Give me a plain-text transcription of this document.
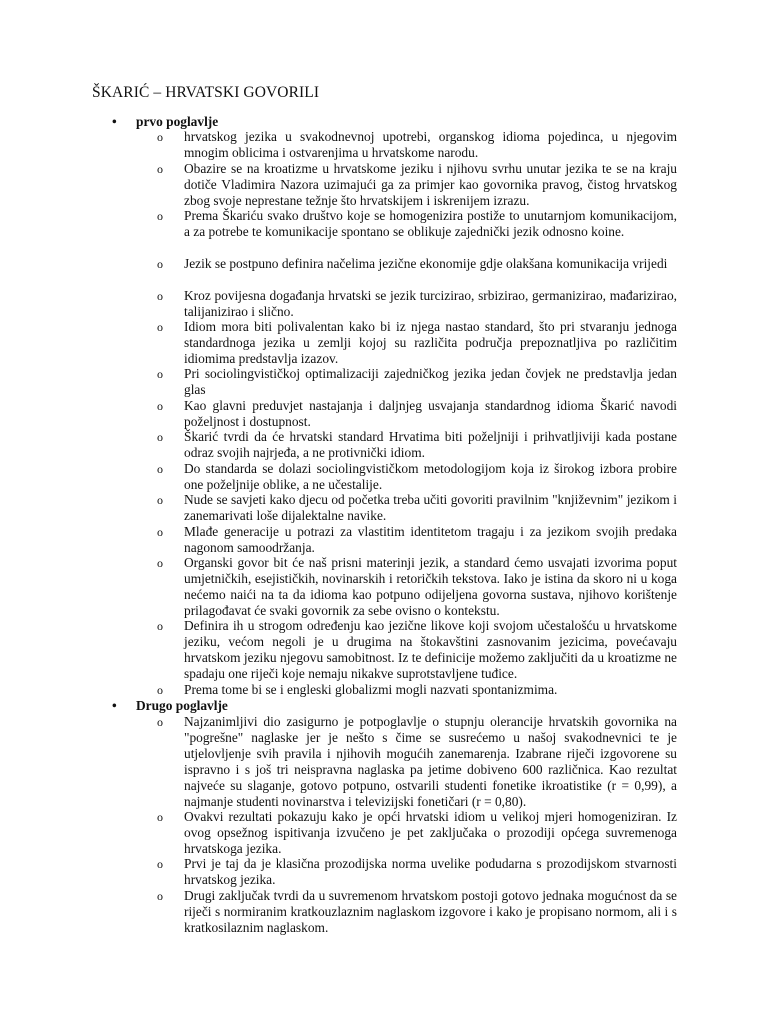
ŠKARIĆ – HRVATSKI GOVORILI
•	prvo poglavlje
o hrvatskog jezika u svakodnevnoj upotrebi, organskog idioma pojedinca, u njegovim mnogim oblicima i ostvarenjima u hrvatskome narodu.
o Obazire se na kroatizme u hrvatskome jeziku i njihovu svrhu unutar jezika te se na kraju dotiče Vladimira Nazora uzimajući ga za primjer kao govornika pravog, čistog hrvatskog zbog svoje neprestane težnje što hrvatskijem i iskrenijem izrazu.
o Prema Škariću svako društvo koje se homogenizira postiže to unutarnjom komunikacijom, a za potrebe te komunikacije spontano se oblikuje zajednički jezik odnosno koine.
o Jezik se postpuno definira načelima jezične ekonomije gdje olakšana komunikacija vrijedi
o Kroz povijesna događanja hrvatski se jezik turcizirao, srbizirao, germanizirao, mađarizirao, talijanizirao i slično.
o Idiom mora biti polivalentan kako bi iz njega nastao standard, što pri stvaranju jednoga standardnoga jezika u zemlji kojoj su različita područja prepoznatljiva po različitim idiomima predstavlja izazov.
o Pri sociolingvističkoj optimalizaciji zajedničkog jezika jedan čovjek ne predstavlja jedan glas
o Kao glavni preduvjet nastajanja i daljnjeg usvajanja standardnog idioma Škarić navodi poželjnost i dostupnost.
o Škarić tvrdi da će hrvatski standard Hrvatima biti poželjniji i prihvatljiviji kada postane odraz svojih najrjeđa, a ne protivnički idiom.
o Do standarda se dolazi sociolingvističkom metodologijom koja iz širokog izbora probire one poželjnije oblike, a ne učestalije.
o Nude se savjeti kako djecu od početka treba učiti govoriti pravilnim "književnim" jezikom i zanemarivati loše dijalektalne navike.
o Mlađe generacije u potrazi za vlastitim identitetom tragaju i za jezikom svojih predaka nagonom samoodržanja.
o Organski govor bit će naš prisni materinji jezik, a standard ćemo usvajati izvorima poput umjetničkih, esejističkih, novinarskih i retoričkih tekstova. Iako je istina da skoro ni u koga nećemo naići na ta da idioma kao potpuno odijeljena govorna sustava, njihovo korištenje prilagođavat će svaki govornik za sebe ovisno o kontekstu.
o Definira ih u strogom određenju kao jezične likove koji svojom učestalošću u hrvatskome jeziku, većom negoli je u drugima na štokavštini zasnovanim jezicima, povećavaju hrvatskom jeziku njegovu samobitnost. Iz te definicije možemo zaključiti da u kroatizme ne spadaju one riječi koje nemaju nikakve suprotstavljene tuđice.
o Prema tome bi se i engleski globalizmi mogli nazvati spontanizmima.
•	Drugo poglavlje
o Najzanimljivi dio zasigurno je potpoglavlje o stupnju olerancije hrvatskih govornika na "pogrešne" naglaske jer je nešto s čime se susrećemo u našoj svakodnevnici te je utjelovljenje svih pravila i njihovih mogućih zanemarenja. Izabrane riječi izgovorene su ispravno i s još tri neispravna naglaska pa jetime dobiveno 600 različnica. Kao rezultat najveće su slaganje, gotovo potpuno, ostvarili studenti fonetike ikroatistike (r = 0,99), a najmanje studenti novinarstva i televizijski fonetičari (r = 0,80).
o Ovakvi rezultati pokazuju kako je opći hrvatski idiom u velikoj mjeri homogeniziran. Iz ovog opsežnog ispitivanja izvučeno je pet zaključaka o prozodiji općega suvremenoga hrvatskoga jezika.
o Prvi je taj da je klasična prozodijska norma uvelike podudarna s prozodijskom stvarnosti hrvatskog jezika.
o Drugi zaključak tvrdi da u suvremenom hrvatskom postoji gotovo jednaka mogućnost da se riječi s normiranim kratkouzlaznim naglaskom izgovore i kako je propisano normom, ali i s kratkosilaznim naglaskom.
